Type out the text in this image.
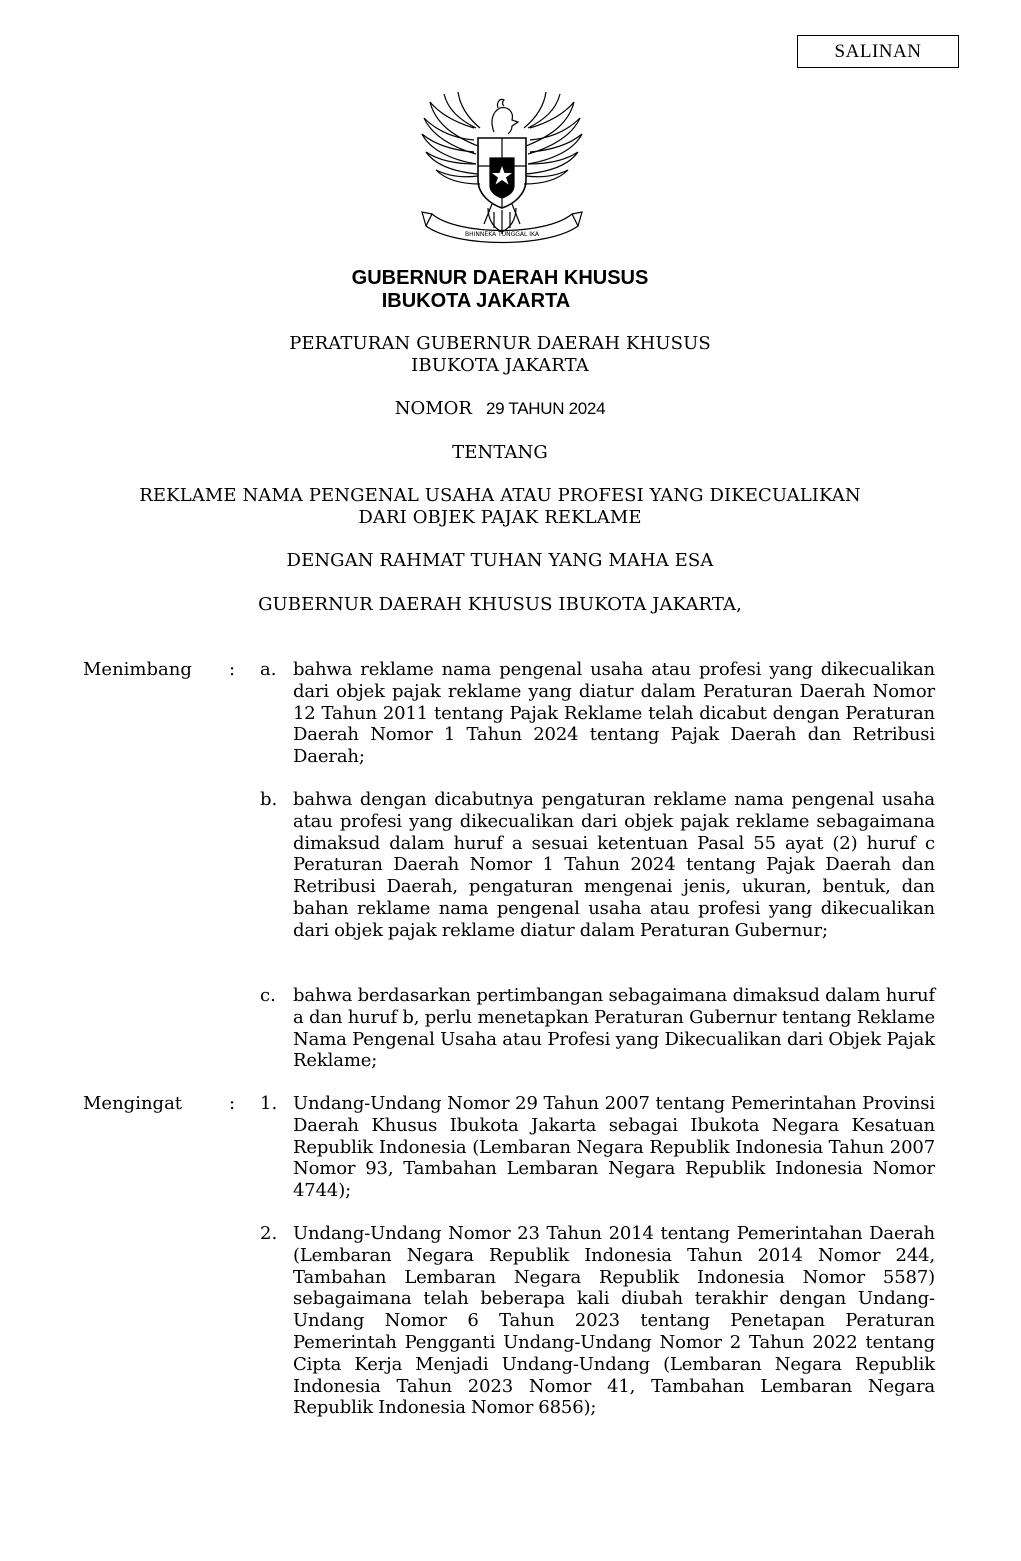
SALINAN
BHINNEKA TUNGGAL IKA
GUBERNUR DAERAH KHUSUS
IBUKOTA JAKARTA
PERATURAN GUBERNUR DAERAH KHUSUS
IBUKOTA JAKARTA
NOMOR 29 TAHUN 2024
TENTANG
REKLAME NAMA PENGENAL USAHA ATAU PROFESI YANG DIKECUALIKAN
DARI OBJEK PAJAK REKLAME
DENGAN RAHMAT TUHAN YANG MAHA ESA
GUBERNUR DAERAH KHUSUS IBUKOTA JAKARTA,
Menimbang : a. bahwa reklame nama pengenal usaha atau profesi yang dikecualikan dari objek pajak reklame yang diatur dalam Peraturan Daerah Nomor 12 Tahun 2011 tentang Pajak Reklame telah dicabut dengan Peraturan Daerah Nomor 1 Tahun 2024 tentang Pajak Daerah dan Retribusi Daerah;
b. bahwa dengan dicabutnya pengaturan reklame nama pengenal usaha atau profesi yang dikecualikan dari objek pajak reklame sebagaimana dimaksud dalam huruf a sesuai ketentuan Pasal 55 ayat (2) huruf c Peraturan Daerah Nomor 1 Tahun 2024 tentang Pajak Daerah dan Retribusi Daerah, pengaturan mengenai jenis, ukuran, bentuk, dan bahan reklame nama pengenal usaha atau profesi yang dikecualikan dari objek pajak reklame diatur dalam Peraturan Gubernur;
c. bahwa berdasarkan pertimbangan sebagaimana dimaksud dalam huruf a dan huruf b, perlu menetapkan Peraturan Gubernur tentang Reklame Nama Pengenal Usaha atau Profesi yang Dikecualikan dari Objek Pajak Reklame;
Mengingat	: 1. Undang-Undang Nomor 29 Tahun 2007 tentang Pemerintahan Provinsi Daerah Khusus Ibukota Jakarta sebagai Ibukota Negara Kesatuan Republik Indonesia (Lembaran Negara Republik Indonesia Tahun 2007 Nomor 93, Tambahan Lembaran Negara Republik Indonesia Nomor 4744);
2. Undang-Undang Nomor 23 Tahun 2014 tentang Pemerintahan Daerah (Lembaran Negara Republik Indonesia Tahun 2014 Nomor 244, Tambahan Lembaran Negara Republik Indonesia Nomor 5587) sebagaimana telah beberapa kali diubah terakhir dengan Undang-Undang Nomor 6 Tahun 2023 tentang Penetapan Peraturan Pemerintah Pengganti Undang-Undang Nomor 2 Tahun 2022 tentang Cipta Kerja Menjadi Undang-Undang (Lembaran Negara Republik Indonesia Tahun 2023 Nomor 41, Tambahan Lembaran Negara Republik Indonesia Nomor 6856);
